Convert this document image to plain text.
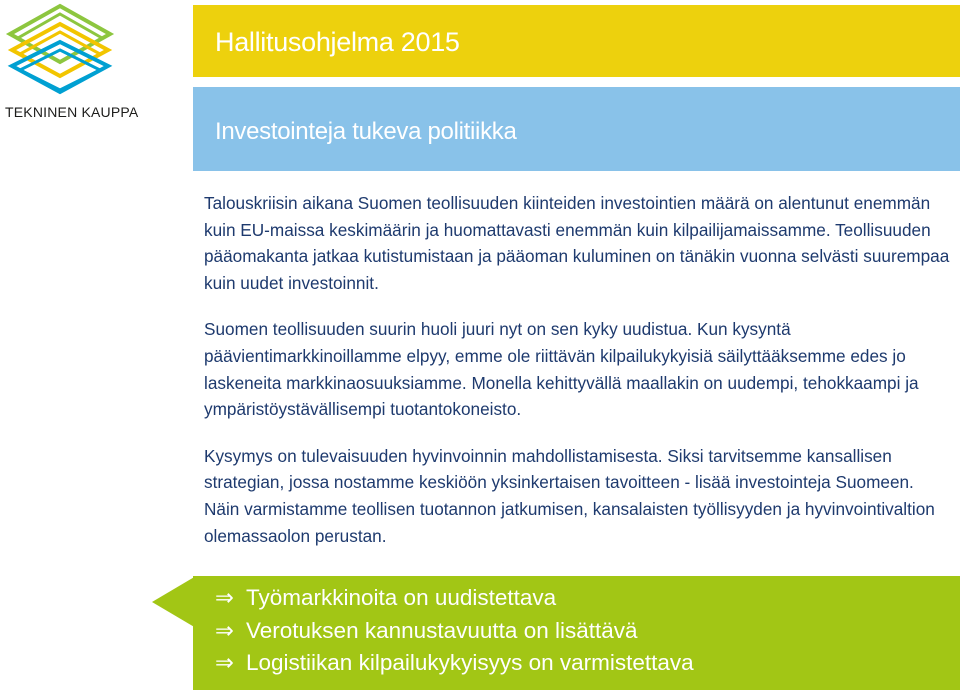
TEKNINEN KAUPPA
Hallitusohjelma 2015
Investointeja tukeva politiikka

Talouskriisin aikana Suomen teollisuuden kiinteiden investointien määrä on alentunut enemmän kuin EU-maissa keskimäärin ja huomattavasti enemmän kuin kilpailijamaissamme. Teollisuuden pääomakanta jatkaa kutistumistaan ja pääoman kuluminen on tänäkin vuonna selvästi suurempaa kuin uudet investoinnit.

Suomen teollisuuden suurin huoli juuri nyt on sen kyky uudistua. Kun kysyntä päävientimarkkinoillamme elpyy, emme ole riittävän kilpailukykyisiä säilyttääksemme edes jo laskeneita markkinaosuuksiamme. Monella kehittyvällä maallakin on uudempi, tehokkaampi ja ympäristöystävällisempi tuotantokoneisto.

Kysymys on tulevaisuuden hyvinvoinnin mahdollistamisesta. Siksi tarvitsemme kansallisen strategian, jossa nostamme keskiöön yksinkertaisen tavoitteen - lisää investointeja Suomeen. Näin varmistamme teollisen tuotannon jatkumisen, kansalaisten työllisyyden ja hyvinvointivaltion olemassaolon perustan.

⇒ Työmarkkinoita on uudistettava
⇒ Verotuksen kannustavuutta on lisättävä
⇒ Logistiikan kilpailukykyisyys on varmistettava
